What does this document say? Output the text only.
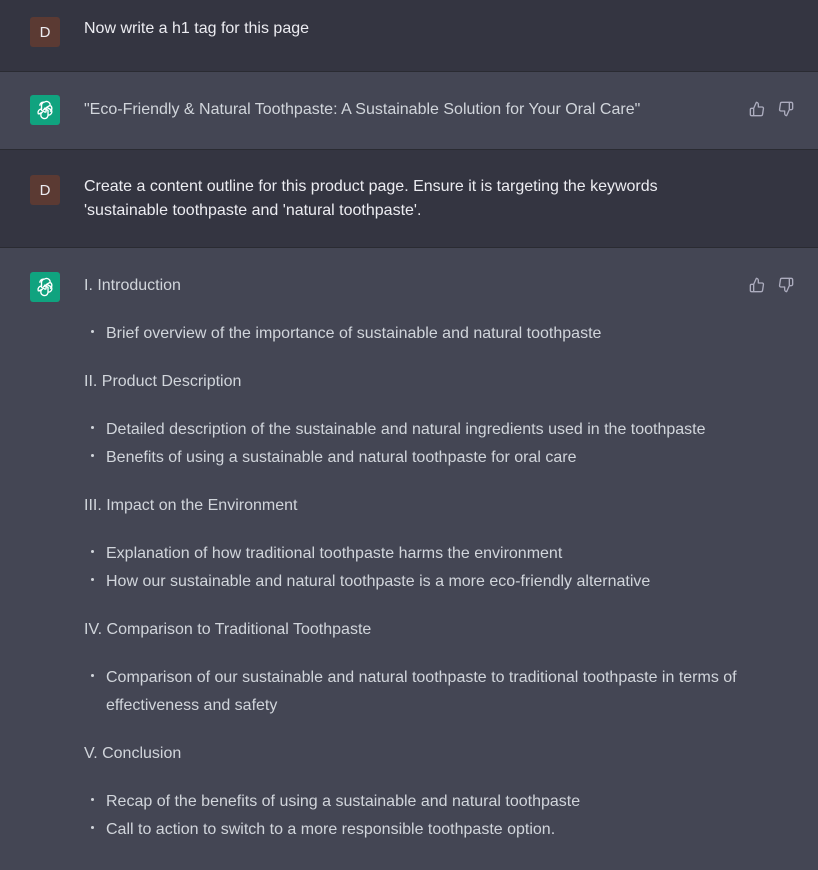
D Now write a h1 tag for this page
"Eco-Friendly & Natural Toothpaste: A Sustainable Solution for Your Oral Care"
D Create a content outline for this product page. Ensure it is targeting the keywords
'sustainable toothpaste and 'natural toothpaste'.
I. Introduction
Brief overview of the importance of sustainable and natural toothpaste
II. Product Description
Detailed description of the sustainable and natural ingredients used in the toothpaste
Benefits of using a sustainable and natural toothpaste for oral care
III. Impact on the Environment
Explanation of how traditional toothpaste harms the environment
How our sustainable and natural toothpaste is a more eco-friendly alternative
IV. Comparison to Traditional Toothpaste
Comparison of our sustainable and natural toothpaste to traditional toothpaste in terms of effectiveness and safety
V. Conclusion
Recap of the benefits of using a sustainable and natural toothpaste
Call to action to switch to a more responsible toothpaste option.
